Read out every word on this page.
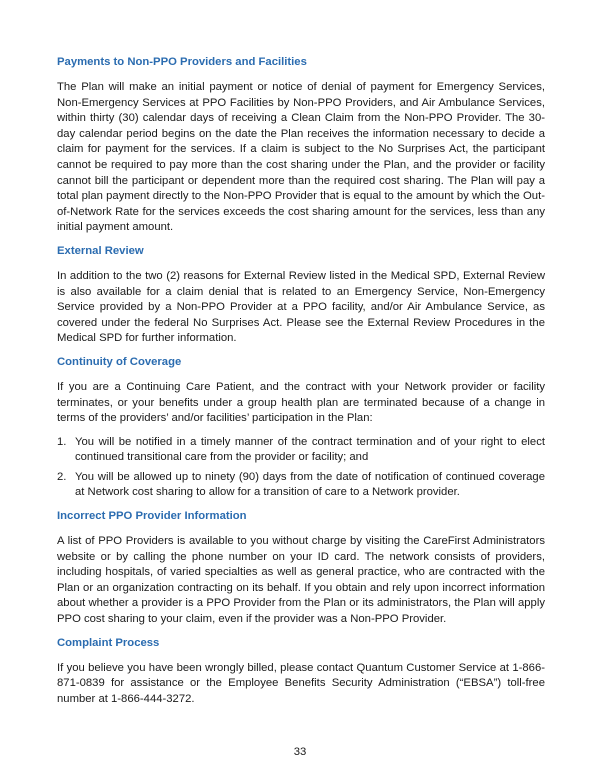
Payments to Non-PPO Providers and Facilities

The Plan will make an initial payment or notice of denial of payment for Emergency Services, Non-Emergency Services at PPO Facilities by Non-PPO Providers, and Air Ambulance Services, within thirty (30) calendar days of receiving a Clean Claim from the Non-PPO Provider. The 30-day calendar period begins on the date the Plan receives the information necessary to decide a claim for payment for the services. If a claim is subject to the No Surprises Act, the participant cannot be required to pay more than the cost sharing under the Plan, and the provider or facility cannot bill the participant or dependent more than the required cost sharing. The Plan will pay a total plan payment directly to the Non-PPO Provider that is equal to the amount by which the Out-of-Network Rate for the services exceeds the cost sharing amount for the services, less than any initial payment amount.

External Review

In addition to the two (2) reasons for External Review listed in the Medical SPD, External Review is also available for a claim denial that is related to an Emergency Service, Non-Emergency Service provided by a Non-PPO Provider at a PPO facility, and/or Air Ambulance Service, as covered under the federal No Surprises Act. Please see the External Review Procedures in the Medical SPD for further information.

Continuity of Coverage

If you are a Continuing Care Patient, and the contract with your Network provider or facility terminates, or your benefits under a group health plan are terminated because of a change in terms of the providers’ and/or facilities’ participation in the Plan:

1. You will be notified in a timely manner of the contract termination and of your right to elect continued transitional care from the provider or facility; and
2. You will be allowed up to ninety (90) days from the date of notification of continued coverage at Network cost sharing to allow for a transition of care to a Network provider.
Incorrect PPO Provider Information

A list of PPO Providers is available to you without charge by visiting the CareFirst Administrators website or by calling the phone number on your ID card. The network consists of providers, including hospitals, of varied specialties as well as general practice, who are contracted with the Plan or an organization contracting on its behalf. If you obtain and rely upon incorrect information about whether a provider is a PPO Provider from the Plan or its administrators, the Plan will apply PPO cost sharing to your claim, even if the provider was a Non-PPO Provider.

Complaint Process

If you believe you have been wrongly billed, please contact Quantum Customer Service at 1-866-871-0839 for assistance or the Employee Benefits Security Administration (“EBSA”) toll-free number at 1-866-444-3272.

33
